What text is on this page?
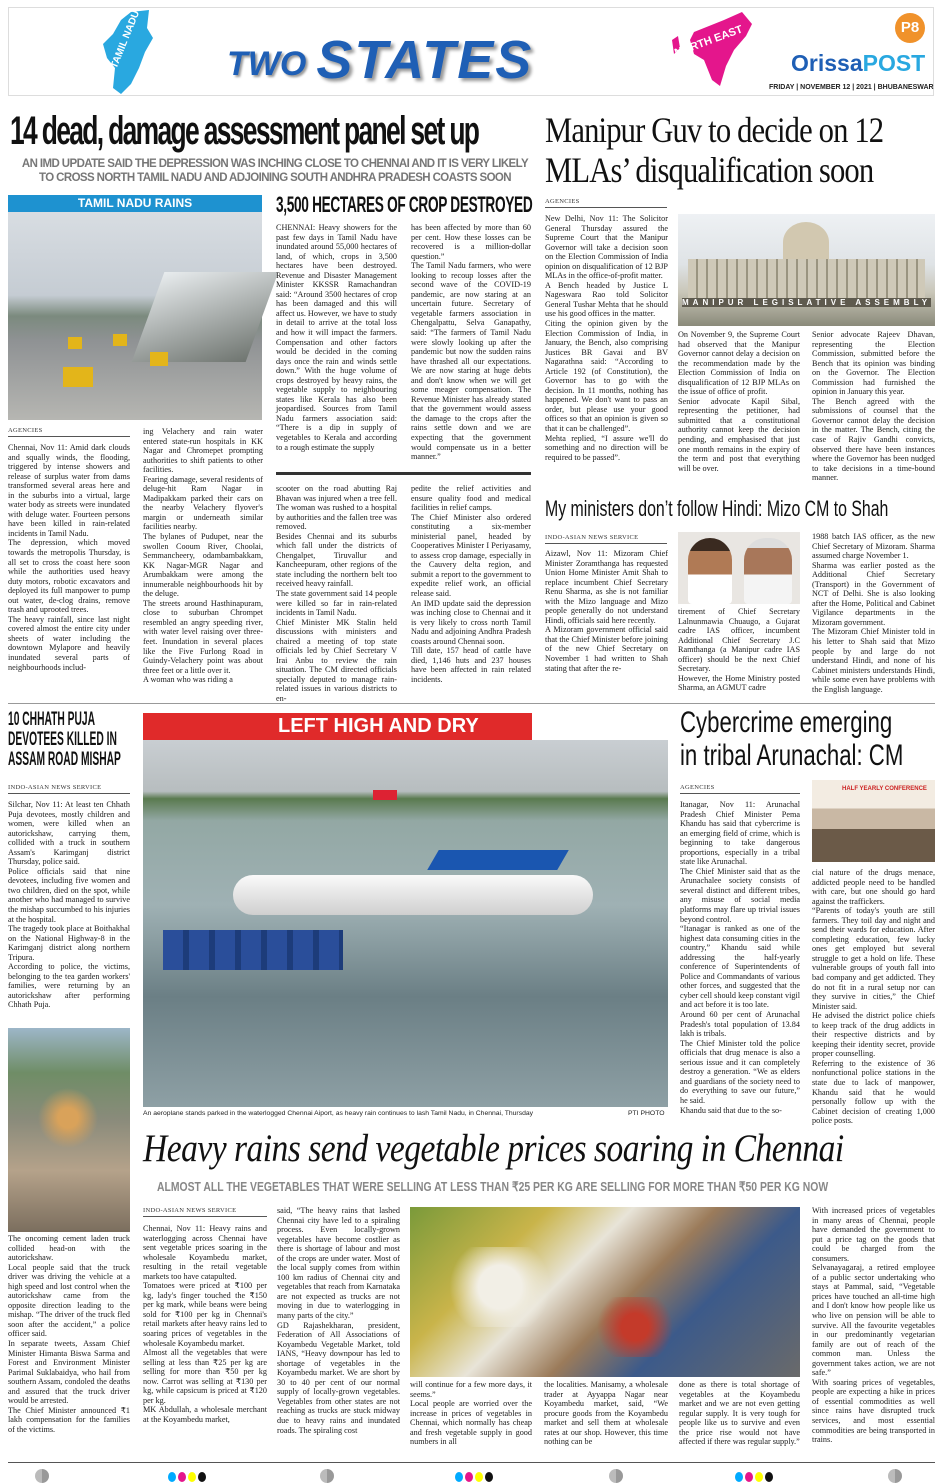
TAMIL NADU TWO STATES	NORTH EAST	P8
OrissaPOST
FRIDAY | NOVEMBER 12 | 2021 | BHUBANESWAR
14 dead, damage assessment panel set up
AN IMD UPDATE SAID THE DEPRESSION WAS INCHING CLOSE TO CHENNAI AND IT IS VERY LIKELY TO CROSS NORTH TAMIL NADU AND ADJOINING SOUTH ANDHRA PRADESH COASTS SOON
TAMIL NADU RAINS
AGENCIES
Chennai, Nov 11: Amid dark clouds and squally winds, the flooding, triggered by intense showers and release of surplus water from dams transformed several areas here and in the suburbs into a virtual, large water body as streets were inundated with deluge water. Fourteen persons have been killed in rain-related incidents in Tamil Nadu.
The depression, which moved towards the metropolis Thursday, is all set to cross the coast here soon while the authorities used heavy duty motors, robotic excavators and deployed its full manpower to pump out water, de-clog drains, remove trash and uprooted trees.
The heavy rainfall, since last night covered almost the entire city under sheets of water including the downtown Mylapore and heavily inundated several parts of neighbourhoods includ-
ing Velachery and rain water entered state-run hospitals in KK Nagar and Chromepet prompting authorities to shift patients to other facilities.
Fearing damage, several residents of deluge-hit Ram Nagar in Madipakkam parked their cars on the nearby Velachery flyover's margin or underneath similar facilities nearby.
The bylanes of Pudupet, near the swollen Cooum River, Choolai, Semmancheery, odambambakkam, KK Nagar-MGR Nagar and Arumbakkam were among the innumerable neighbourhoods hit by the deluge.
The streets around Hasthinapuram, close to suburban Chrompet resembled an angry speeding river, with water level raising over three-feet. Inundation in several places like the Five Furlong Road in Guindy-Velachery point was about three feet or a little over it.
A woman who was riding a
3,500 HECTARES OF CROP DESTROYED
CHENNAI: Heavy showers for the past few days in Tamil Nadu have inundated around 55,000 hectares of land, of which, crops in 3,500 hectares have been destroyed. Revenue and Disaster Management Minister KKSSR Ramachandran said: “Around 3500 hectares of crop has been damaged and this will affect us. However, we have to study in detail to arrive at the total loss and how it will impact the farmers. Compensation and other factors would be decided in the coming days once the rain and winds settle down.” With the huge volume of crops destroyed by heavy rains, the vegetable supply to neighbouring states like Kerala has also been jeopardised. Sources from Tamil Nadu farmers association said: “There is a dip in supply of vegetables to Kerala and according to a rough estimate the supply
has been affected by more than 60 per cent. How these losses can be recovered is a million-dollar question.”
The Tamil Nadu farmers, who were looking to recoup losses after the second wave of the COVID-19 pandemic, are now staring at an uncertain future. Secretary of vegetable farmers association in Chengalpattu, Selva Ganapathy, said: “The farmers of Tamil Nadu were slowly looking up after the pandemic but now the sudden rains have thrashed all our expectations. We are now staring at huge debts and don't know when we will get some meager compensation. The Revenue Minister has already stated that the government would assess the damage to the crops after the rains settle down and we are expecting that the government would compensate us in a better manner.”
scooter on the road abutting Raj Bhavan was injured when a tree fell. The woman was rushed to a hospital by authorities and the fallen tree was removed.
Besides Chennai and its suburbs which fall under the districts of Chengalpet, Tiruvallur and Kancheepuram, other regions of the state including the northern belt too received heavy rainfall.
The state government said 14 people were killed so far in rain-related incidents in Tamil Nadu.
Chief Minister MK Stalin held discussions with ministers and chaired a meeting of top state officials led by Chief Secretary V Irai Anbu to review the rain situation. The CM directed officials specially deputed to manage rain-related issues in various districts to en-
pedite the relief activities and ensure quality food and medical facilities in relief camps.
The Chief Minister also ordered constituting a six-member ministerial panel, headed by Cooperatives Minister I Periyasamy, to assess crop damage, especially in the Cauvery delta region, and submit a report to the government to expedite relief work, an official release said.
An IMD update said the depression was inching close to Chennai and it is very likely to cross north Tamil Nadu and adjoining Andhra Pradesh coasts around Chennai soon.
Till date, 157 head of cattle have died, 1,146 huts and 237 houses have been affected in rain related incidents.
Manipur Guv to decide on 12 MLAs’ disqualification soon
AGENCIES
New Delhi, Nov 11: The Solicitor General Thursday assured the Supreme Court that the Manipur Governor will take a decision soon on the Election Commission of India opinion on disqualification of 12 BJP MLAs in the office-of-profit matter.
A Bench headed by Justice L Nageswara Rao told Solicitor General Tushar Mehta that he should use his good offices in the matter.
Citing the opinion given by the Election Commission of India, in January, the Bench, also comprising Justices BR Gavai and BV Nagarathna said: “According to Article 192 (of Constitution), the Governor has to go with the decision. In 11 months, nothing has happened. We don't want to pass an order, but please use your good offices so that an opinion is given so that it can be challenged”.
Mehta replied, “I assure we'll do something and no direction will be required to be passed”.
MANIPUR LEGISLATIVE ASSEMBLY
On November 9, the Supreme Court had observed that the Manipur Governor cannot delay a decision on the recommendation made by the Election Commission of India on disqualification of 12 BJP MLAs on the issue of office of profit.
Senior advocate Kapil Sibal, representing the petitioner, had submitted that a constitutional authority cannot keep the decision pending, and emphasised that just one month remains in the expiry of the term and post that everything will be over.
Senior advocate Rajeev Dhavan, representing the Election Commission, submitted before the Bench that its opinion was binding on the Governor. The Election Commission had furnished the opinion in January this year.
The Bench agreed with the submissions of counsel that the Governor cannot delay the decision in the matter. The Bench, citing the case of Rajiv Gandhi convicts, observed there have been instances where the Governor has been nudged to take decisions in a time-bound manner.
My ministers don’t follow Hindi: Mizo CM to Shah
INDO-ASIAN NEWS SERVICE
Aizawl, Nov 11: Mizoram Chief Minister Zoramthanga has requested Union Home Minister Amit Shah to replace incumbent Chief Secretary Renu Sharma, as she is not familiar with the Mizo language and Mizo people generally do not understand Hindi, officials said here recently.
A Mizoram government official said that the Chief Minister before joining of the new Chief Secretary on November 1 had written to Shah stating that after the re-
tirement of Chief Secretary Lalnunmawia Chuaugo, a Gujarat cadre IAS officer, incumbent Additional Chief Secretary J.C Ramthanga (a Manipur cadre IAS officer) should be the next Chief Secretary.
However, the Home Ministry posted Sharma, an AGMUT cadre
1988 batch IAS officer, as the new Chief Secretary of Mizoram. Sharma assumed charge November 1.
Sharma was earlier posted as the Additional Chief Secretary (Transport) in the Government of NCT of Delhi. She is also looking after the Home, Political and Cabinet Vigilance departments in the Mizoram government.
The Mizoram Chief Minister told in his letter to Shah said that Mizo people by and large do not understand Hindi, and none of his Cabinet ministers understands Hindi, while some even have problems with the English language.
10 CHHATH PUJA
DEVOTEES KILLED IN
ASSAM ROAD MISHAP
INDO-ASIAN NEWS SERVICE
Silchar, Nov 11: At least ten Chhath Puja devotees, mostly children and women, were killed when an autorickshaw, carrying them, collided with a truck in southern Assam's Karimganj district Thursday, police said.
Police officials said that nine devotees, including five women and two children, died on the spot, while another who had managed to survive the mishap succumbed to his injuries at the hospital.
The tragedy took place at Boithakhal on the National Highway-8 in the Karimganj district along northern Tripura.
According to police, the victims, belonging to the tea garden workers' families, were returning by an autorickshaw after performing Chhath Puja.
The oncoming cement laden truck collided head-on with the autorickshaw.
Local people said that the truck driver was driving the vehicle at a high speed and lost control when the autorickshaw came from the opposite direction leading to the mishap. “The driver of the truck fled soon after the accident,” a police officer said.
In separate tweets, Assam Chief Minister Himanta Biswa Sarma and Forest and Environment Minister Parimal Suklabaidya, who hail from southern Assam, condoled the deaths and assured that the truck driver would be arrested.
The Chief Minister announced ₹1 lakh compensation for the families of the victims.
LEFT HIGH AND DRY
An aeroplane stands parked in the waterlogged Chennai Aiport, as heavy rain continues to lash Tamil Nadu, in Chennai, Thursday	PTI PHOTO
Cybercrime emerging
in tribal Arunachal: CM
AGENCIES	HALF YEARLY CONFERENCE
Itanagar, Nov 11: Arunachal Pradesh Chief Minister Pema Khandu has said that cybercrime is an emerging field of crime, which is beginning to take dangerous proportions, especially in a tribal state like Arunachal.
The Chief Minister said that as the Arunachalee society consists of several distinct and different tribes, any misuse of social media platforms may flare up trivial issues beyond control.
“Itanagar is ranked as one of the highest data consuming cities in the country,” Khandu said while addressing the half-yearly conference of Superintendents of Police and Commandants of various other forces, and suggested that the cyber cell should keep constant vigil and act before it is too late.
Around 60 per cent of Arunachal Pradesh's total population of 13.84 lakh is tribals.
The Chief Minister told the police officials that drug menace is also a serious issue and it can completely destroy a generation. “We as elders and guardians of the society need to do everything to save our future,” he said.
Khandu said that due to the so-
cial nature of the drugs menace, addicted people need to be handled with care, but one should go hard against the traffickers.
“Parents of today's youth are still farmers. They toil day and night and send their wards for education. After completing education, few lucky ones get employed but several struggle to get a hold on life. These vulnerable groups of youth fall into bad company and get addicted. They do not fit in a rural setup nor can they survive in cities,” the Chief Minister said.
He advised the district police chiefs to keep track of the drug addicts in their respective districts and by keeping their identity secret, provide proper counselling.
Referring to the existence of 36 nonfunctional police stations in the state due to lack of manpower, Khandu said that he would personally follow up with the Cabinet decision of creating 1,000 police posts.
Heavy rains send vegetable prices soaring in Chennai
ALMOST ALL THE VEGETABLES THAT WERE SELLING AT LESS THAN ₹25 PER KG ARE SELLING FOR MORE THAN ₹50 PER KG NOW
INDO-ASIAN NEWS SERVICE
Chennai, Nov 11: Heavy rains and waterlogging across Chennai have sent vegetable prices soaring in the wholesale Koyambedu market, resulting in the retail vegetable markets too have catapulted.
Tomatoes were priced at ₹100 per kg, lady's finger touched the ₹150 per kg mark, while beans were being sold for ₹100 per kg in Chennai's retail markets after heavy rains led to soaring prices of vegetables in the wholesale Koyambedu market.
Almost all the vegetables that were selling at less than ₹25 per kg are selling for more than ₹50 per kg now. Carrot was selling at ₹130 per kg, while capsicum is priced at ₹120 per kg.
MK Abdullah, a wholesale merchant at the Koyambedu market,
said, “The heavy rains that lashed Chennai city have led to a spiraling process. Even locally-grown vegetables have become costlier as there is shortage of labour and most of the crops are under water. Most of the local supply comes from within 100 km radius of Chennai city and vegetables that reach from Karnataka are not expected as trucks are not moving in due to waterlogging in many parts of the city.”
GD Rajashekharan, president, Federation of All Associations of Koyambedu Vegetable Market, told IANS, “Heavy downpour has led to shortage of vegetables in the Koyambedu market. We are short by 30 to 40 per cent of our normal supply of locally-grown vegetables. Vegetables from other states are not reaching as trucks are stuck midway due to heavy rains and inundated roads. The spiraling cost
will continue for a few more days, it seems.”
Local people are worried over the increase in prices of vegetables in Chennai, which normally has cheap and fresh vegetable supply in good numbers in all
the localities. Manisamy, a wholesale trader at Ayyappa Nagar near Koyambedu market, said, “We procure goods from the Koyambedu market and sell them at wholesale rates at our shop. However, this time nothing can be
done as there is total shortage of vegetables at the Koyambedu market and we are not even getting regular supply. It is very tough for people like us to survive and even the price rise would not have affected if there was regular supply.”
With increased prices of vegetables in many areas of Chennai, people have demanded the government to put a price tag on the goods that could be charged from the consumers.
Selvanayagaraj, a retired employee of a public sector undertaking who stays at Pammal, said, “Vegetable prices have touched an all-time high and I don't know how people like us who live on pension will be able to survive. All the favourite vegetables in our predominantly vegetarian family are out of reach of the common man. Unless the government takes action, we are not safe.”
With soaring prices of vegetables, people are expecting a hike in prices of essential commodities as well since rains have disrupted truck services, and most essential commodities are being transported in trains.
